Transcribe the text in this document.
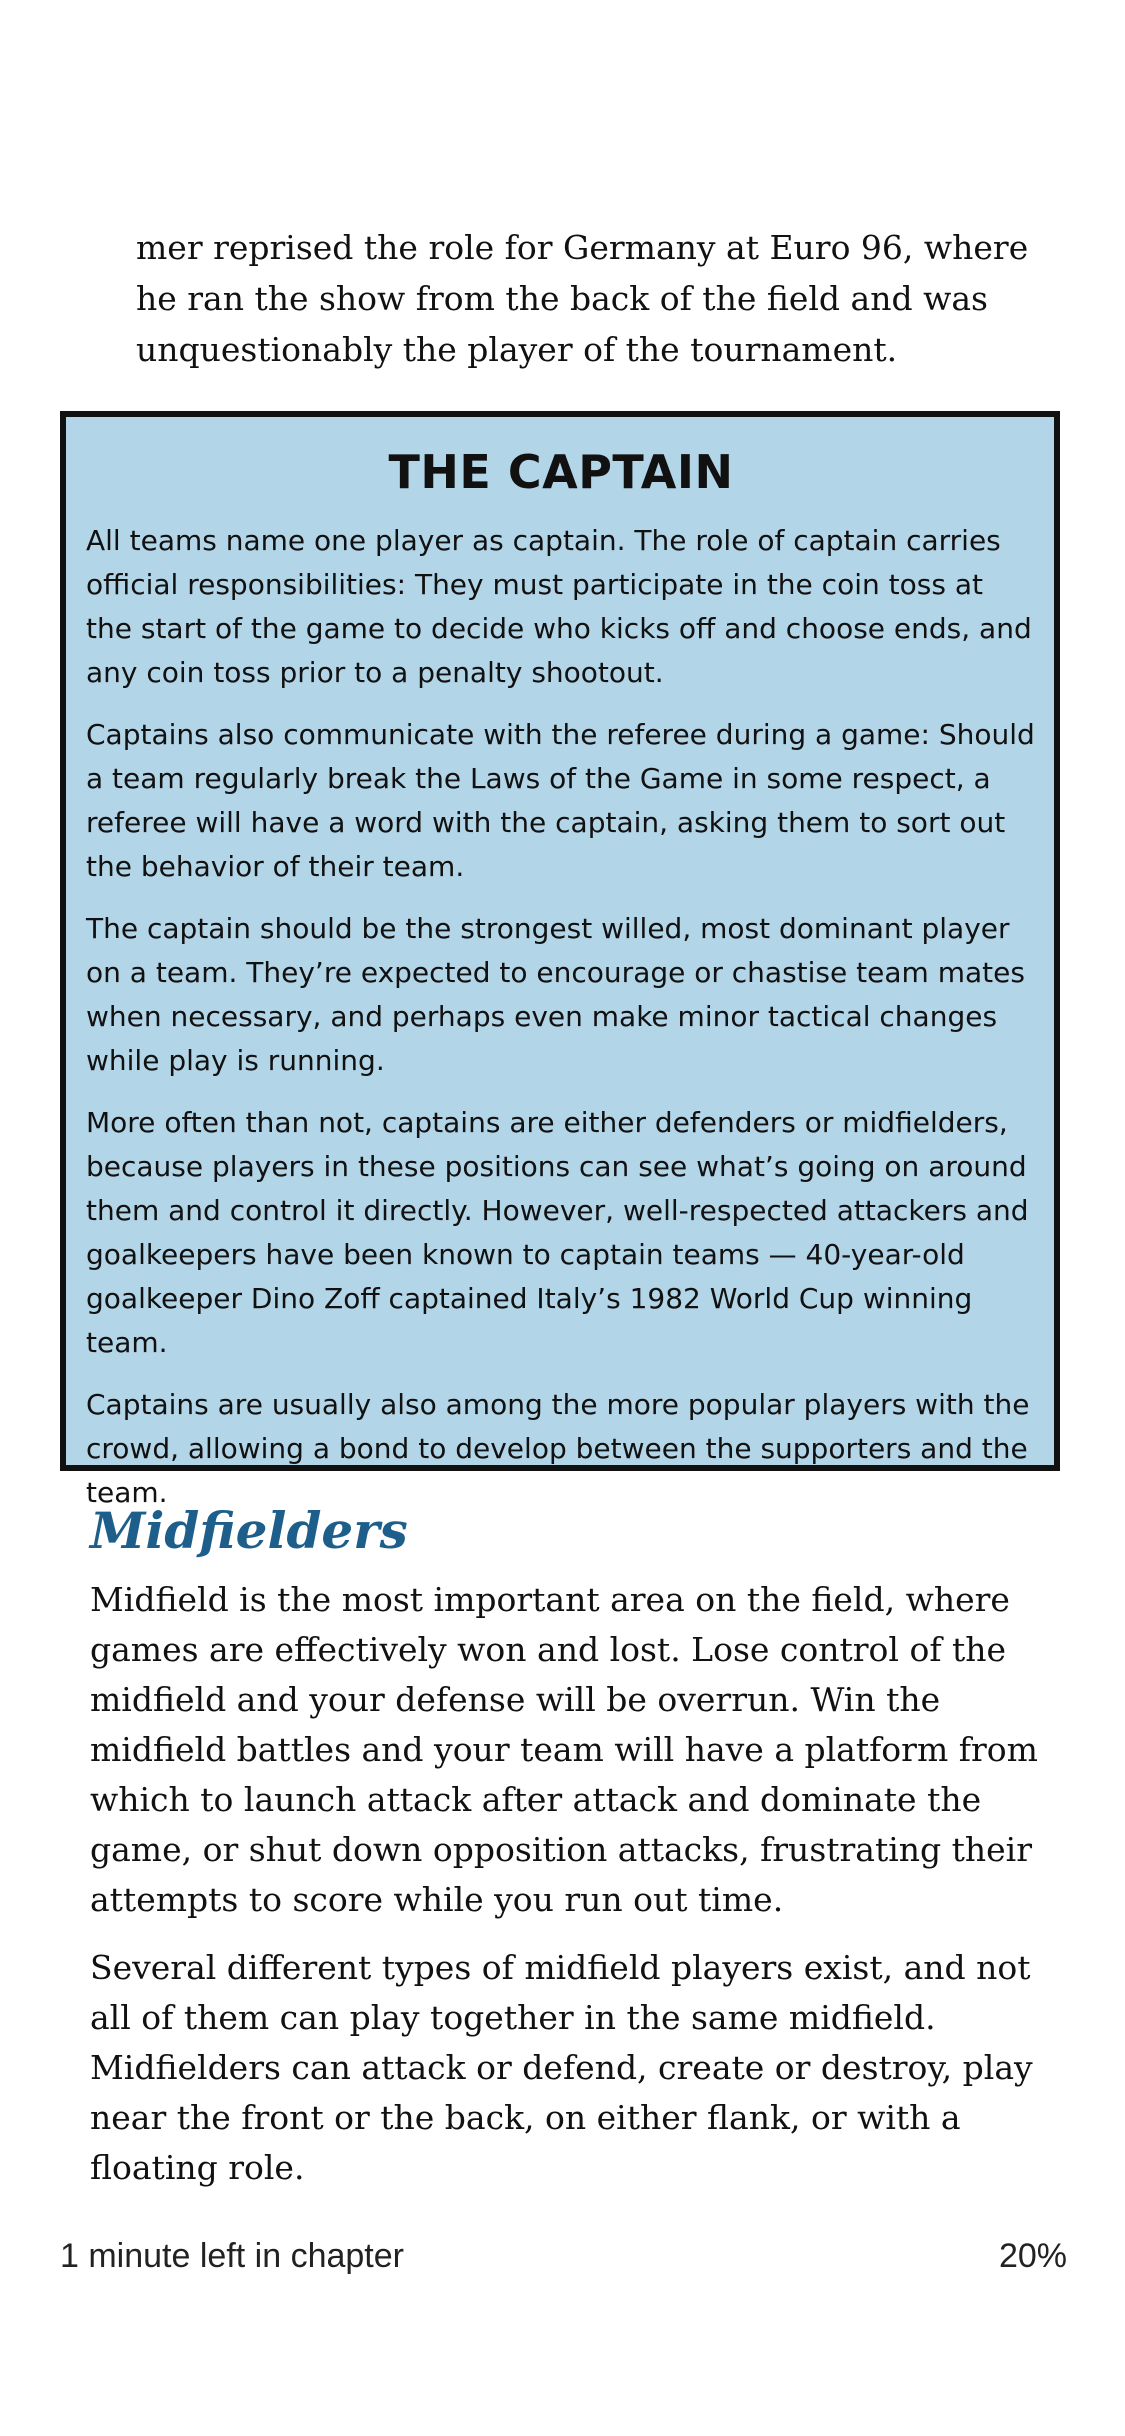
mer reprised the role for Germany at Euro 96, where he ran the show from the back of the field and was unquestionably the player of the tournament.

THE CAPTAIN

All teams name one player as captain. The role of captain carries official responsibilities: They must participate in the coin toss at the start of the game to decide who kicks off and choose ends, and any coin toss prior to a penalty shootout.

Captains also communicate with the referee during a game: Should a team regularly break the Laws of the Game in some respect, a referee will have a word with the captain, asking them to sort out the behavior of their team.

The captain should be the strongest willed, most dominant player on a team. They’re expected to encourage or chastise team mates when necessary, and perhaps even make minor tactical changes while play is running.

More often than not, captains are either defenders or midfielders, because players in these positions can see what’s going on around them and control it directly. However, well-respected attackers and goalkeepers have been known to captain teams — 40-year-old goalkeeper Dino Zoff captained Italy’s 1982 World Cup winning team.

Captains are usually also among the more popular players with the crowd, allowing a bond to develop between the supporters and the team.

Midfielders

Midfield is the most important area on the field, where games are effectively won and lost. Lose control of the midfield and your defense will be overrun. Win the midfield battles and your team will have a platform from which to launch attack after attack and dominate the game, or shut down opposition attacks, frustrating their attempts to score while you run out time.

Several different types of midfield players exist, and not all of them can play together in the same midfield. Midfielders can attack or defend, create or destroy, play near the front or the back, on either flank, or with a floating role.

1 minute left in chapter	20%
